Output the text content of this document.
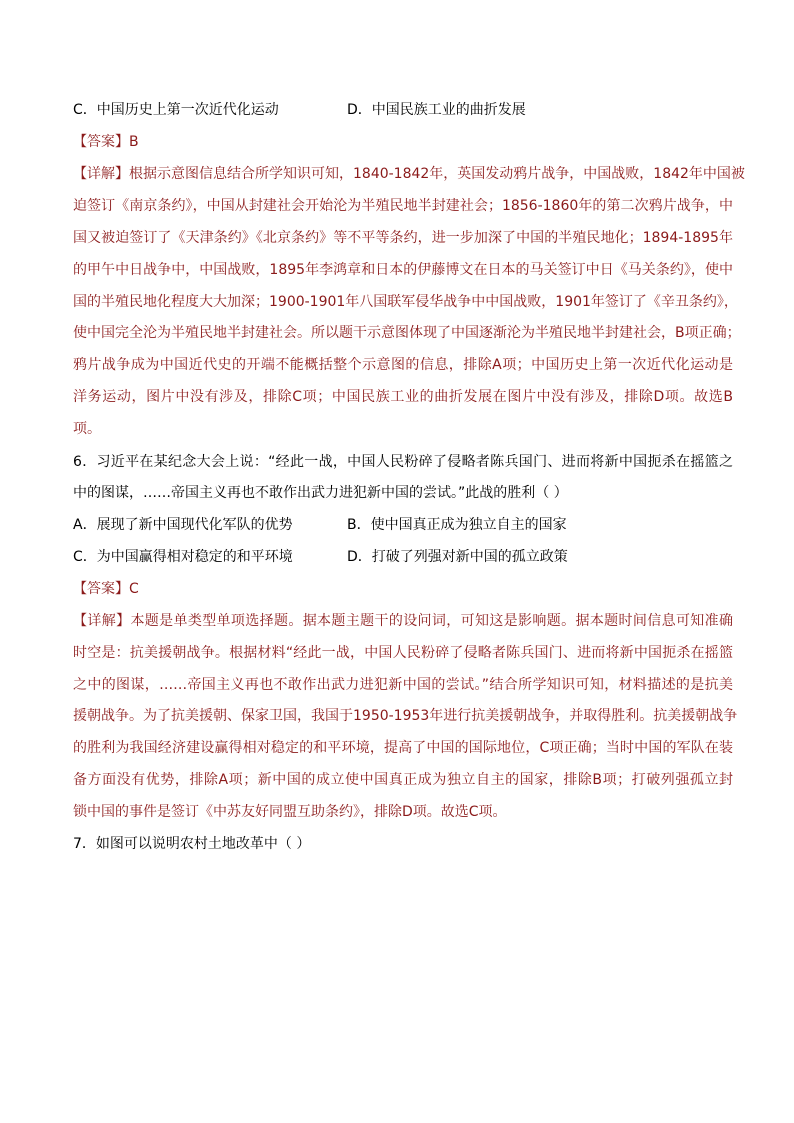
C．中国历史上第一次近代化运动	D．中国民族工业的曲折发展
【答案】B
【详解】根据示意图信息结合所学知识可知，1840-1842年，英国发动鸦片战争，中国战败，1842年中国被
迫签订《南京条约》，中国从封建社会开始沦为半殖民地半封建社会；1856-1860年的第二次鸦片战争，中
国又被迫签订了《天津条约》《北京条约》等不平等条约，进一步加深了中国的半殖民地化；1894-1895年
的甲午中日战争中，中国战败，1895年李鸿章和日本的伊藤博文在日本的马关签订中日《马关条约》，使中
国的半殖民地化程度大大加深；1900-1901年八国联军侵华战争中中国战败，1901年签订了《辛丑条约》，
使中国完全沦为半殖民地半封建社会。所以题干示意图体现了中国逐渐沦为半殖民地半封建社会，B项正确；
鸦片战争成为中国近代史的开端不能概括整个示意图的信息，排除A项；中国历史上第一次近代化运动是
洋务运动，图片中没有涉及，排除C项；中国民族工业的曲折发展在图片中没有涉及，排除D项。故选B
项。
6．习近平在某纪念大会上说：“经此一战，中国人民粉碎了侵略者陈兵国门、进而将新中国扼杀在摇篮之
中的图谋，……帝国主义再也不敢作出武力进犯新中国的尝试。”此战的胜利（ ）
A．展现了新中国现代化军队的优势	B．使中国真正成为独立自主的国家
C．为中国赢得相对稳定的和平环境	D．打破了列强对新中国的孤立政策
【答案】C
【详解】本题是单类型单项选择题。据本题主题干的设问词，可知这是影响题。据本题时间信息可知准确
时空是：抗美援朝战争。根据材料“经此一战，中国人民粉碎了侵略者陈兵国门、进而将新中国扼杀在摇篮
之中的图谋，……帝国主义再也不敢作出武力进犯新中国的尝试。”结合所学知识可知，材料描述的是抗美
援朝战争。为了抗美援朝、保家卫国，我国于1950-1953年进行抗美援朝战争，并取得胜利。抗美援朝战争
的胜利为我国经济建设赢得相对稳定的和平环境，提高了中国的国际地位，C项正确；当时中国的军队在装
备方面没有优势，排除A项；新中国的成立使中国真正成为独立自主的国家，排除B项；打破列强孤立封
锁中国的事件是签订《中苏友好同盟互助条约》，排除D项。故选C项。
7．如图可以说明农村土地改革中（ ）
